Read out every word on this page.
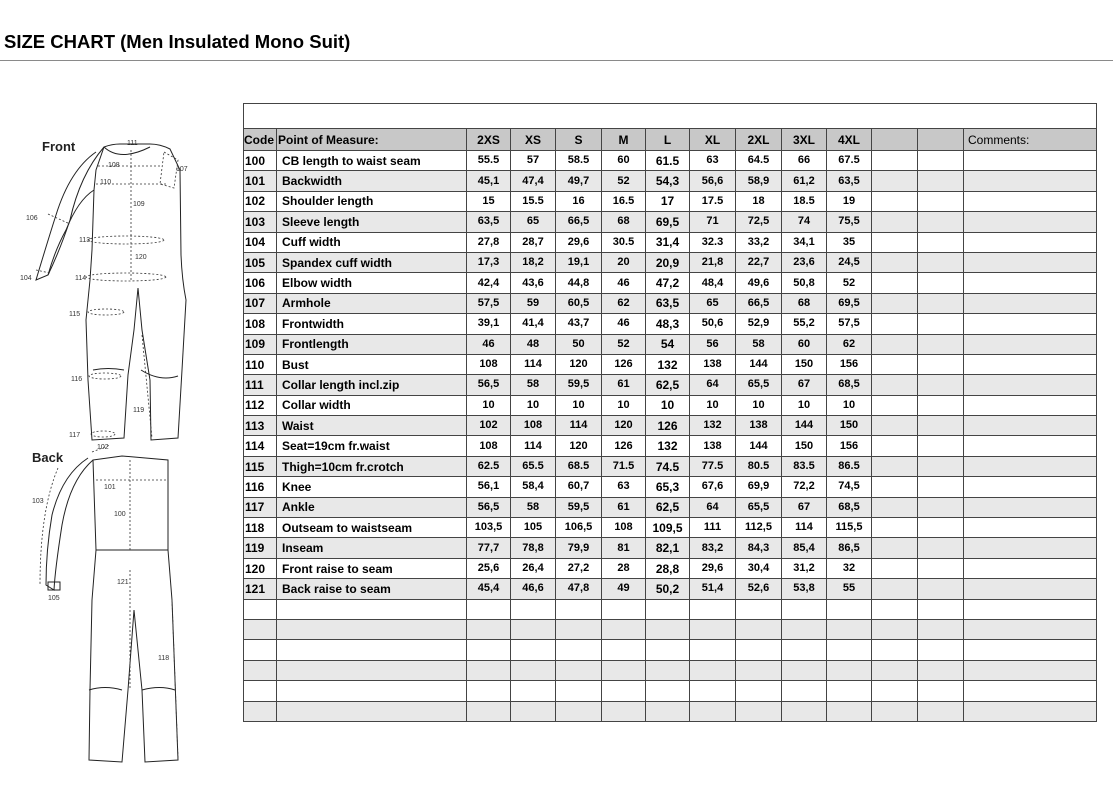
SIZE CHART (Men Insulated Mono Suit)
Front	111
108
107
110
109
106
113
120
104	114
115
116
119
117
Back
102
101
103
100
105
121
118

Code	Point of Measure:	2XS	XS	S	M	L	XL	2XL	3XL	4XL			Comments:
100	CB length to waist seam	55.5	57	58.5	60	61.5	63	64.5	66	67.5			
101	Backwidth	45,1	47,4	49,7	52	54,3	56,6	58,9	61,2	63,5			
102	Shoulder length	15	15.5	16	16.5	17	17.5	18	18.5	19			
103	Sleeve length	63,5	65	66,5	68	69,5	71	72,5	74	75,5			
104	Cuff width	27,8	28,7	29,6	30.5	31,4	32.3	33,2	34,1	35			
105	Spandex cuff width	17,3	18,2	19,1	20	20,9	21,8	22,7	23,6	24,5			
106	Elbow width	42,4	43,6	44,8	46	47,2	48,4	49,6	50,8	52			
107	Armhole	57,5	59	60,5	62	63,5	65	66,5	68	69,5			
108	Frontwidth	39,1	41,4	43,7	46	48,3	50,6	52,9	55,2	57,5			
109	Frontlength	46	48	50	52	54	56	58	60	62			
110	Bust	108	114	120	126	132	138	144	150	156			
111	Collar length incl.zip	56,5	58	59,5	61	62,5	64	65,5	67	68,5			
112	Collar width	10	10	10	10	10	10	10	10	10			
113	Waist	102	108	114	120	126	132	138	144	150			
114	Seat=19cm fr.waist	108	114	120	126	132	138	144	150	156			
115	Thigh=10cm fr.crotch	62.5	65.5	68.5	71.5	74.5	77.5	80.5	83.5	86.5			
116	Knee	56,1	58,4	60,7	63	65,3	67,6	69,9	72,2	74,5			
117	Ankle	56,5	58	59,5	61	62,5	64	65,5	67	68,5			
118	Outseam to waistseam	103,5	105	106,5	108	109,5	111	112,5	114	115,5			
119	Inseam	77,7	78,8	79,9	81	82,1	83,2	84,3	85,4	86,5			
120	Front raise to seam	25,6	26,4	27,2	28	28,8	29,6	30,4	31,2	32			
121	Back raise to seam	45,4	46,6	47,8	49	50,2	51,4	52,6	53,8	55			
